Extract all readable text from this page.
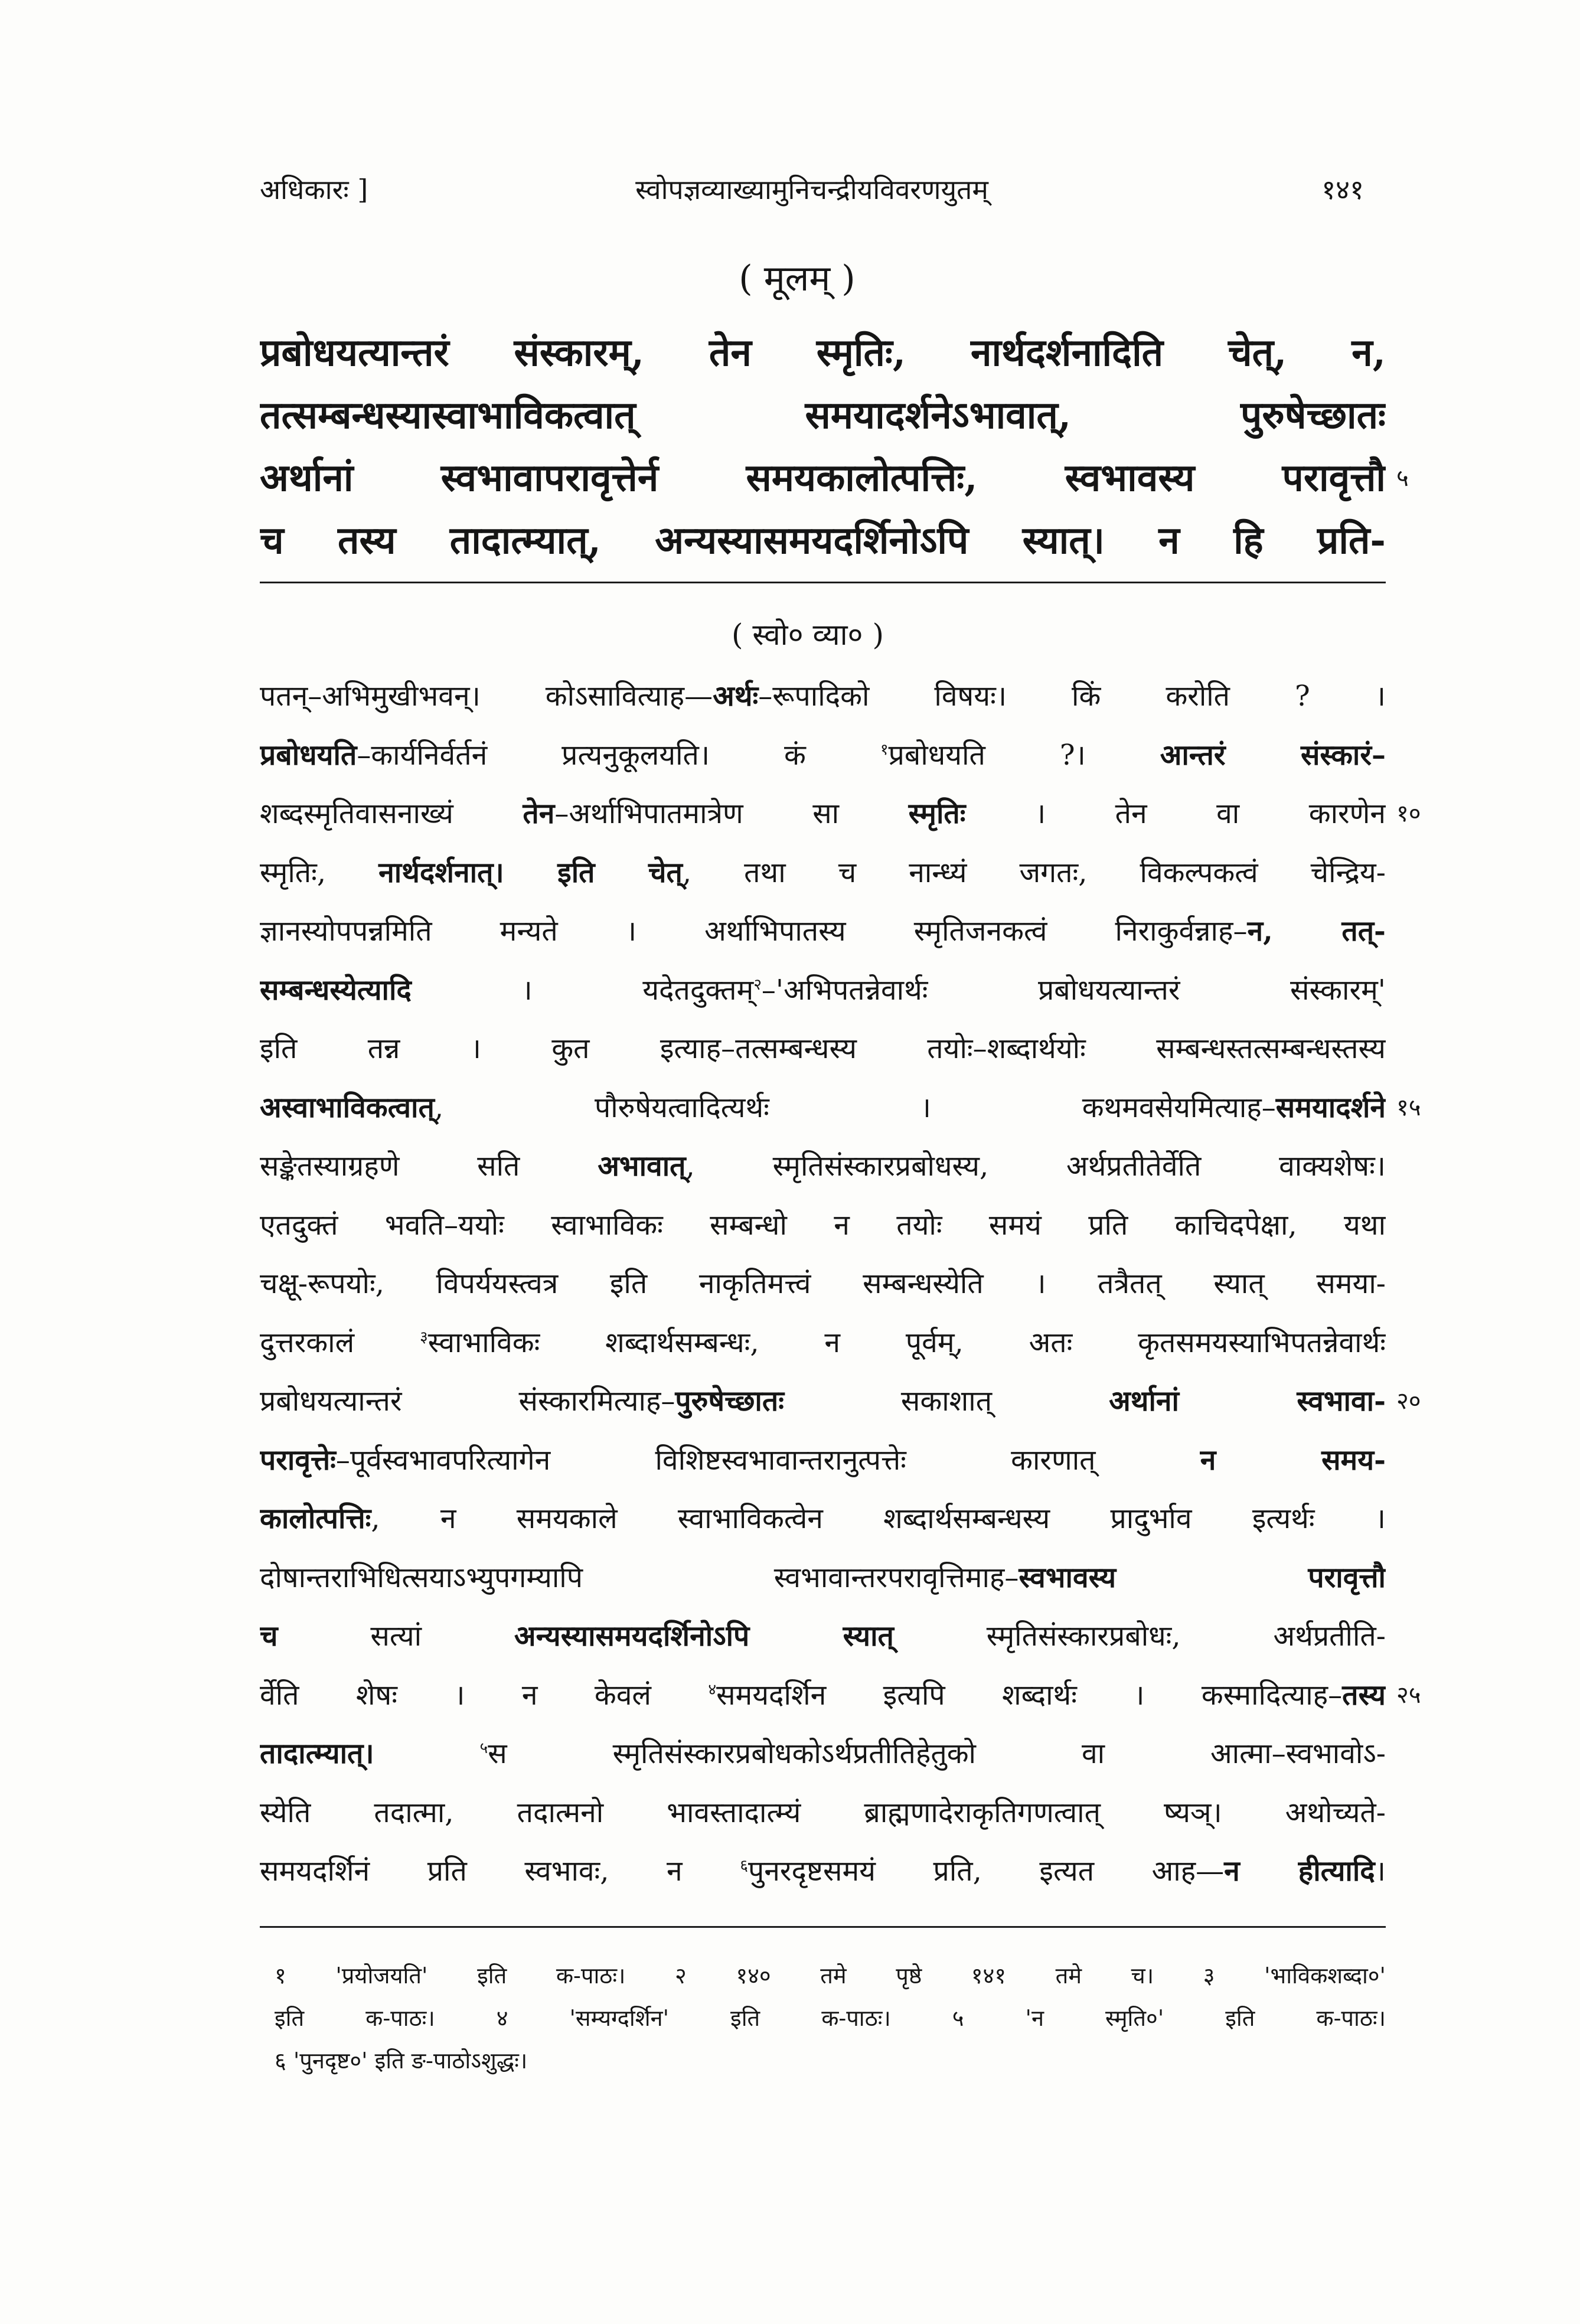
अधिकारः ]	स्वोपज्ञव्याख्यामुनिचन्द्रीयविवरणयुतम्	१४१
( मूलम् )
प्रबोधयत्यान्तरं संस्कारम्, तेन स्मृतिः, नार्थदर्शनादिति चेत्, न,
तत्सम्बन्धस्यास्वाभाविकत्वात् समयादर्शनेऽभावात्, पुरुषेच्छातः
अर्थानां स्वभावापरावृत्तेर्न समयकालोत्पत्तिः, स्वभावस्य परावृत्तौ ५
च तस्य तादात्म्यात्, अन्यस्यासमयदर्शिनोऽपि स्यात्। न हि प्रति-
( स्वो० व्या० )
पतन्–अभिमुखीभवन्। कोऽसावित्याह—अर्थः–रूपादिको विषयः। किं करोति ? ।
प्रबोधयति–कार्यनिर्वर्तनं प्रत्यनुकूलयति। कं $^१$प्रबोधयति ?। आन्तरं संस्कारं–
शब्दस्मृतिवासनाख्यं तेन–अर्थाभिपातमात्रेण सा स्मृतिः । तेन वा कारणेन १०
स्मृतिः, नार्थदर्शनात्। इति चेत्, तथा च नान्ध्यं जगतः, विकल्पकत्वं चेन्द्रिय-
ज्ञानस्योपपन्नमिति मन्यते । अर्थाभिपातस्य स्मृतिजनकत्वं निराकुर्वन्नाह–न, तत्-
सम्बन्धस्येत्यादि । यदेतदुक्तम्$^२$–'अभिपतन्नेवार्थः प्रबोधयत्यान्तरं संस्कारम्'
इति तन्न । कुत इत्याह–तत्सम्बन्धस्य तयोः–शब्दार्थयोः सम्बन्धस्तत्सम्बन्धस्तस्य
अस्वाभाविकत्वात्, पौरुषेयत्वादित्यर्थः । कथमवसेयमित्याह–समयादर्शने १५
सङ्केतस्याग्रहणे सति अभावात्, स्मृतिसंस्कारप्रबोधस्य, अर्थप्रतीतेर्वेति वाक्यशेषः।
एतदुक्तं भवति–ययोः स्वाभाविकः सम्बन्धो न तयोः समयं प्रति काचिदपेक्षा, यथा
चक्षू-रूपयोः, विपर्ययस्त्वत्र इति नाकृतिमत्त्वं सम्बन्धस्येति । तत्रैतत् स्यात् समया-
दुत्तरकालं $^३$स्वाभाविकः शब्दार्थसम्बन्धः, न पूर्वम्, अतः कृतसमयस्याभिपतन्नेवार्थः
प्रबोधयत्यान्तरं संस्कारमित्याह–पुरुषेच्छातः सकाशात् अर्थानां स्वभावा- २०
परावृत्तेः–पूर्वस्वभावपरित्यागेन विशिष्टस्वभावान्तरानुत्पत्तेः कारणात् न समय-
कालोत्पत्तिः, न समयकाले स्वाभाविकत्वेन शब्दार्थसम्बन्धस्य प्रादुर्भाव इत्यर्थः ।
दोषान्तराभिधित्सयाऽभ्युपगम्यापि स्वभावान्तरपरावृत्तिमाह–स्वभावस्य परावृत्तौ
च सत्यां अन्यस्यासमयदर्शिनोऽपि स्यात् स्मृतिसंस्कारप्रबोधः, अर्थप्रतीति-
र्वेति शेषः । न केवलं $^४$समयदर्शिन इत्यपि शब्दार्थः । कस्मादित्याह–तस्य २५
तादात्म्यात्।	$^५$स स्मृतिसंस्कारप्रबोधकोऽर्थप्रतीतिहेतुको वा आत्मा–स्वभावोऽ-
स्येति तदात्मा, तदात्मनो भावस्तादात्म्यं ब्राह्मणादेराकृतिगणत्वात् ष्यञ्। अथोच्यते-
समयदर्शिनं प्रति स्वभावः, न $^६$पुनरदृष्टसमयं प्रति, इत्यत आह—न हीत्यादि।
१ 'प्रयोजयति' इति क-पाठः। २ १४० तमे पृष्ठे १४१ तमे च। ३ 'भाविकशब्दा०'
इति क-पाठः। ४ 'सम्यग्दर्शिन' इति क-पाठः। ५ 'न स्मृति०' इति क-पाठः।
६ 'पुनदृष्ट०' इति ङ-पाठोऽशुद्धः।
